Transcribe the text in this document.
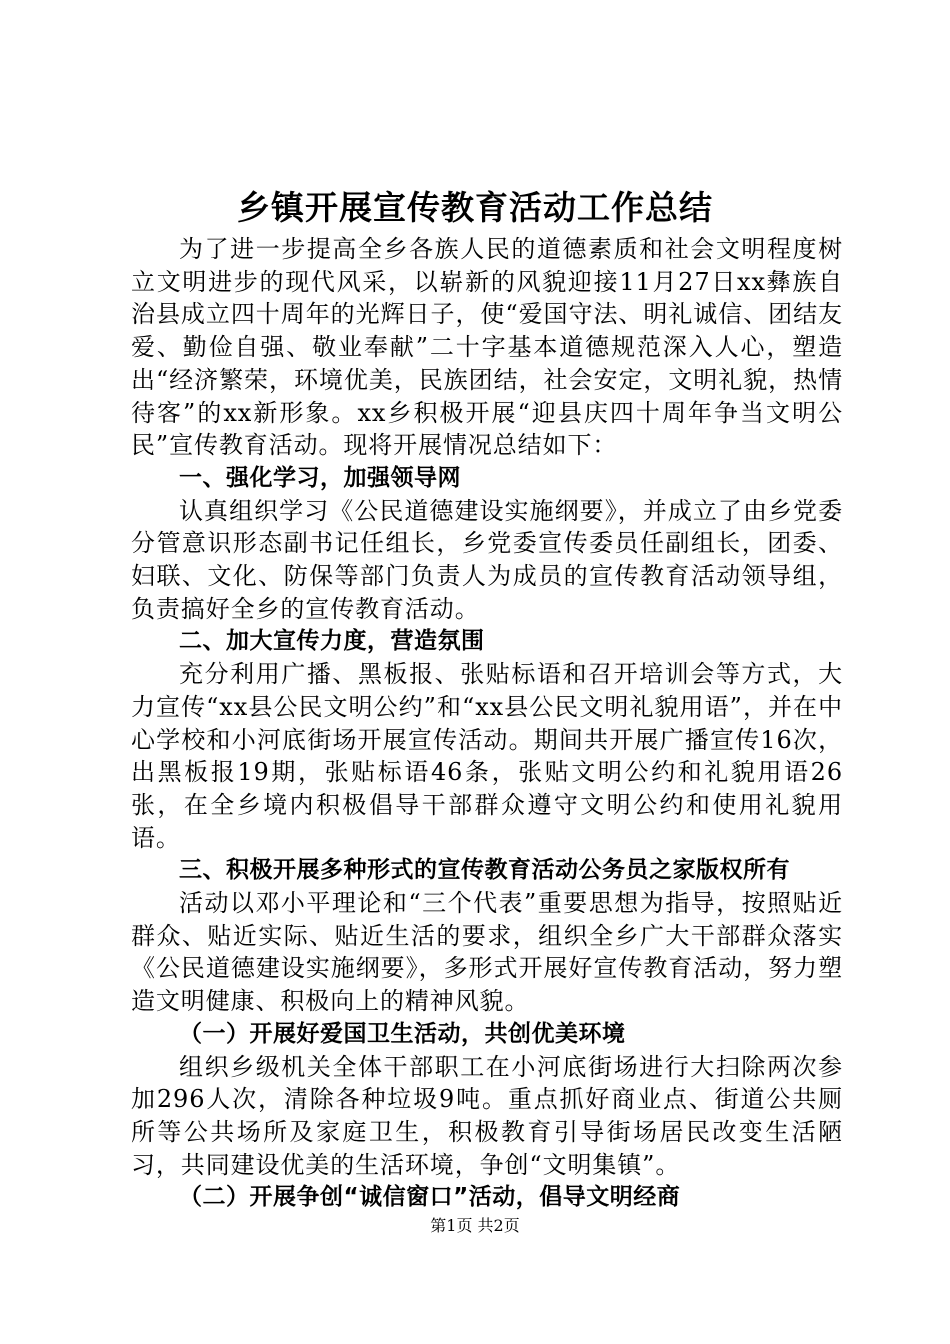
乡镇开展宣传教育活动工作总结

为了进一步提高全乡各族人民的道德素质和社会文明程度树立文明进步的现代风采，以崭新的风貌迎接11月27日xx彝族自治县成立四十周年的光辉日子，使“爱国守法、明礼诚信、团结友爱、勤俭自强、敬业奉献”二十字基本道德规范深入人心，塑造出“经济繁荣，环境优美，民族团结，社会安定，文明礼貌，热情待客”的xx新形象。xx乡积极开展“迎县庆四十周年争当文明公民”宣传教育活动。现将开展情况总结如下：

一、强化学习，加强领导网

认真组织学习《公民道德建设实施纲要》，并成立了由乡党委分管意识形态副书记任组长，乡党委宣传委员任副组长，团委、妇联、文化、防保等部门负责人为成员的宣传教育活动领导组，负责搞好全乡的宣传教育活动。

二、加大宣传力度，营造氛围

充分利用广播、黑板报、张贴标语和召开培训会等方式，大力宣传“xx县公民文明公约”和“xx县公民文明礼貌用语”，并在中心学校和小河底街场开展宣传活动。期间共开展广播宣传16次，出黑板报19期，张贴标语46条，张贴文明公约和礼貌用语26张，在全乡境内积极倡导干部群众遵守文明公约和使用礼貌用语。

三、积极开展多种形式的宣传教育活动公务员之家版权所有

活动以邓小平理论和“三个代表”重要思想为指导，按照贴近群众、贴近实际、贴近生活的要求，组织全乡广大干部群众落实《公民道德建设实施纲要》，多形式开展好宣传教育活动，努力塑造文明健康、积极向上的精神风貌。

（一）开展好爱国卫生活动，共创优美环境

组织乡级机关全体干部职工在小河底街场进行大扫除两次参加296人次，清除各种垃圾9吨。重点抓好商业点、街道公共厕所等公共场所及家庭卫生，积极教育引导街场居民改变生活陋习，共同建设优美的生活环境，争创“文明集镇”。

（二）开展争创“诚信窗口”活动，倡导文明经商

第1页 共2页
